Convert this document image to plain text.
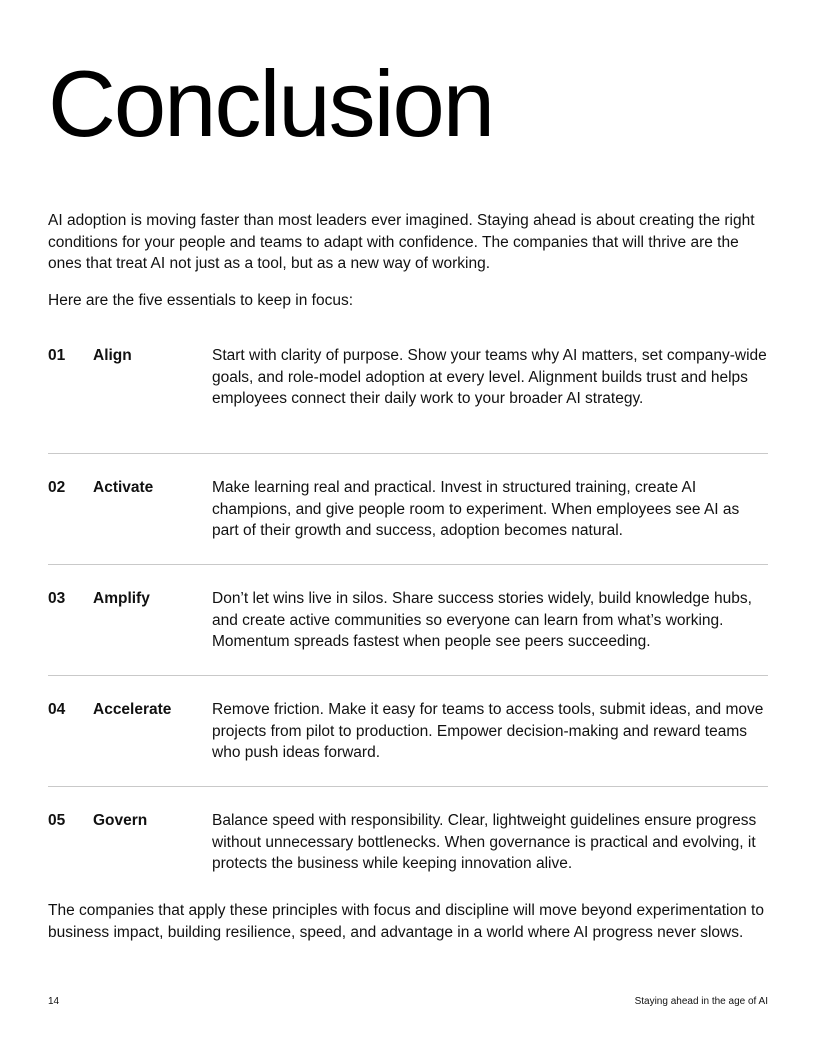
Conclusion

AI adoption is moving faster than most leaders ever imagined. Staying ahead is about creating the right conditions for your people and teams to adapt with confidence. The companies that will thrive are the ones that treat AI not just as a tool, but as a new way of working.

Here are the five essentials to keep in focus:

01 Align	Start with clarity of purpose. Show your teams why AI matters, set company-wide goals, and role-model adoption at every level. Alignment builds trust and helps employees connect their daily work to your broader AI strategy.

02 Activate	Make learning real and practical. Invest in structured training, create AI champions, and give people room to experiment. When employees see AI as part of their growth and success, adoption becomes natural.

03 Amplify	Don’t let wins live in silos. Share success stories widely, build knowledge hubs, and create active communities so everyone can learn from what’s working. Momentum spreads fastest when people see peers succeeding.

04 Accelerate	Remove friction. Make it easy for teams to access tools, submit ideas, and move projects from pilot to production. Empower decision-making and reward teams who push ideas forward.

05 Govern	Balance speed with responsibility. Clear, lightweight guidelines ensure progress without unnecessary bottlenecks. When governance is practical and evolving, it protects the business while keeping innovation alive.

The companies that apply these principles with focus and discipline will move beyond experimentation to business impact, building resilience, speed, and advantage in a world where AI progress never slows.

14	Staying ahead in the age of AI
